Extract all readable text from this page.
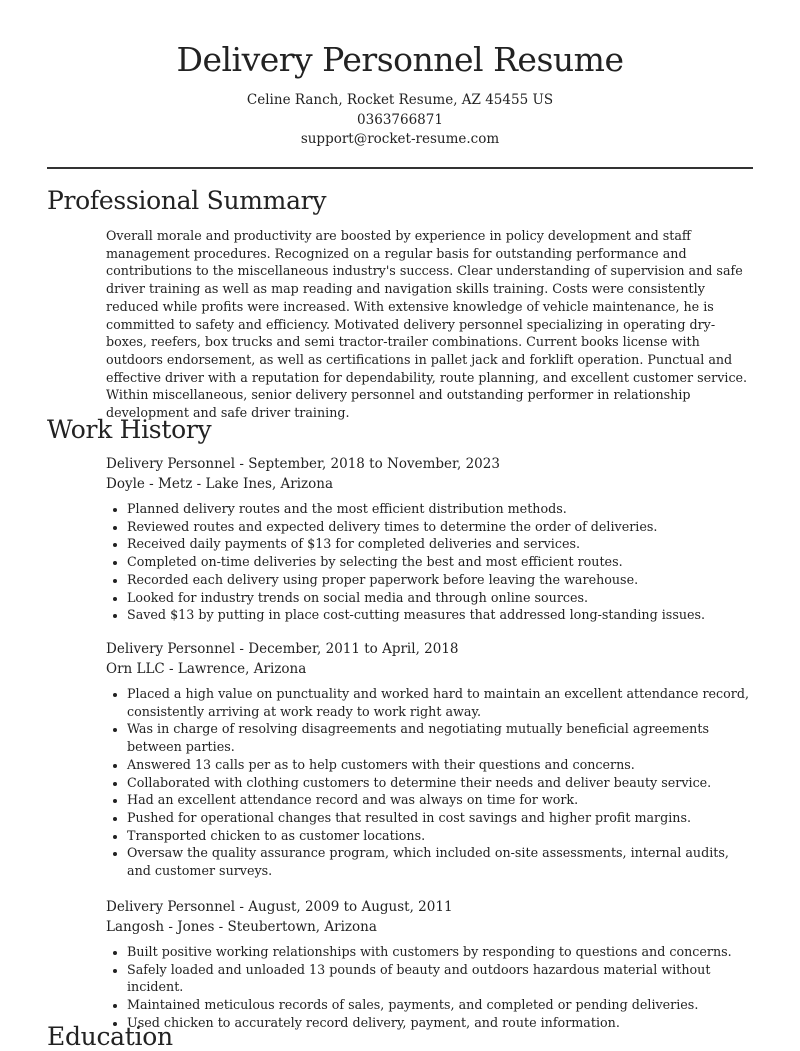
Delivery Personnel Resume

Celine Ranch, Rocket Resume, AZ 45455 US

0363766871

support@rocket-resume.com

Professional Summary

Overall morale and productivity are boosted by experience in policy development and staff management procedures. Recognized on a regular basis for outstanding performance and contributions to the miscellaneous industry's success. Clear understanding of supervision and safe driver training as well as map reading and navigation skills training. Costs were consistently reduced while profits were increased. With extensive knowledge of vehicle maintenance, he is committed to safety and efficiency. Motivated delivery personnel specializing in operating dry-boxes, reefers, box trucks and semi tractor-trailer combinations. Current books license with outdoors endorsement, as well as certifications in pallet jack and forklift operation. Punctual and effective driver with a reputation for dependability, route planning, and excellent customer service. Within miscellaneous, senior delivery personnel and outstanding performer in relationship development and safe driver training.

Work History

Delivery Personnel - September, 2018 to November, 2023

Doyle - Metz - Lake Ines, Arizona

• Planned delivery routes and the most efficient distribution methods.
• Reviewed routes and expected delivery times to determine the order of deliveries.
• Received daily payments of $13 for completed deliveries and services.
• Completed on-time deliveries by selecting the best and most efficient routes.
• Recorded each delivery using proper paperwork before leaving the warehouse.
• Looked for industry trends on social media and through online sources.
• Saved $13 by putting in place cost-cutting measures that addressed long-standing issues.

Delivery Personnel - December, 2011 to April, 2018

Orn LLC - Lawrence, Arizona

• Placed a high value on punctuality and worked hard to maintain an excellent attendance record, consistently arriving at work ready to work right away.
• Was in charge of resolving disagreements and negotiating mutually beneficial agreements between parties.
• Answered 13 calls per as to help customers with their questions and concerns.
• Collaborated with clothing customers to determine their needs and deliver beauty service.
• Had an excellent attendance record and was always on time for work.
• Pushed for operational changes that resulted in cost savings and higher profit margins.
• Transported chicken to as customer locations.
• Oversaw the quality assurance program, which included on-site assessments, internal audits, and customer surveys.

Delivery Personnel - August, 2009 to August, 2011

Langosh - Jones - Steubertown, Arizona

• Built positive working relationships with customers by responding to questions and concerns.
• Safely loaded and unloaded 13 pounds of beauty and outdoors hazardous material without incident.
• Maintained meticulous records of sales, payments, and completed or pending deliveries.
• Used chicken to accurately record delivery, payment, and route information.
Education
